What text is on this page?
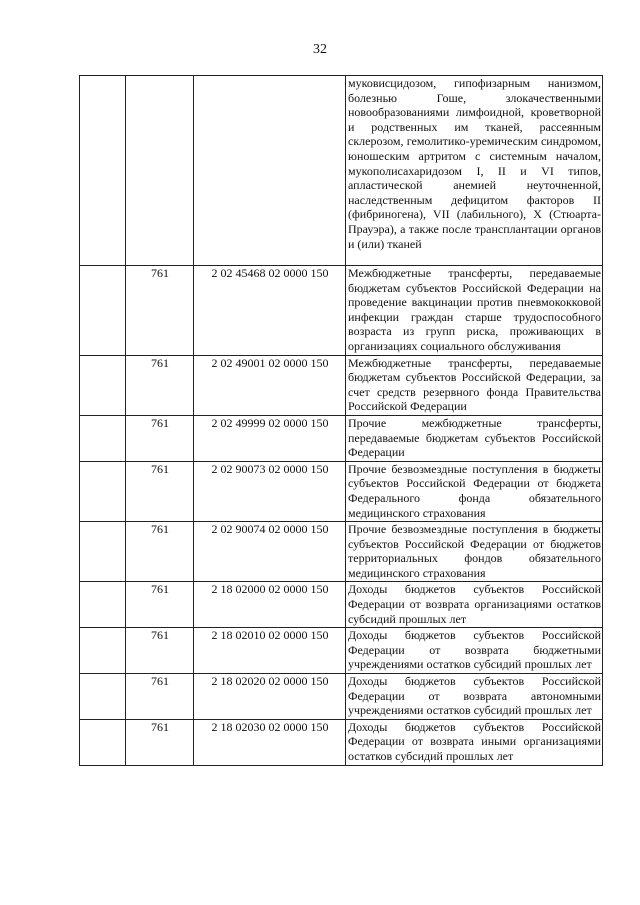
32
			муковисцидозом, гипофизарным нанизмом, болезнью Гоше, злокачественными новообразованиями лимфоидной, кроветворной и родственных им тканей, рассеянным склерозом, гемолитико-уремическим синдромом, юношеским артритом с системным началом, мукополисахаридозом I, II и VI типов, апластической анемией неуточненной, наследственным дефицитом факторов II (фибриногена), VII (лабильного), X (Стюарта-Прауэра), а также после трансплантации органов и (или) тканей
	761	2 02 45468 02 0000 150	Межбюджетные трансферты, передаваемые бюджетам субъектов Российской Федерации на проведение вакцинации против пневмококковой инфекции граждан старше трудоспособного возраста из групп риска, проживающих в организациях социального обслуживания
	761	2 02 49001 02 0000 150	Межбюджетные трансферты, передаваемые бюджетам субъектов Российской Федерации, за счет средств резервного фонда Правительства Российской Федерации
	761	2 02 49999 02 0000 150	Прочие межбюджетные трансферты, передаваемые бюджетам субъектов Российской Федерации
	761	2 02 90073 02 0000 150	Прочие безвозмездные поступления в бюджеты субъектов Российской Федерации от бюджета Федерального фонда обязательного медицинского страхования
	761	2 02 90074 02 0000 150	Прочие безвозмездные поступления в бюджеты субъектов Российской Федерации от бюджетов территориальных фондов обязательного медицинского страхования
	761	2 18 02000 02 0000 150	Доходы бюджетов субъектов Российской Федерации от возврата организациями остатков субсидий прошлых лет
	761	2 18 02010 02 0000 150	Доходы бюджетов субъектов Российской Федерации от возврата бюджетными учреждениями остатков субсидий прошлых лет
	761	2 18 02020 02 0000 150	Доходы бюджетов субъектов Российской Федерации от возврата автономными учреждениями остатков субсидий прошлых лет
	761	2 18 02030 02 0000 150	Доходы бюджетов субъектов Российской Федерации от возврата иными организациями остатков субсидий прошлых лет
